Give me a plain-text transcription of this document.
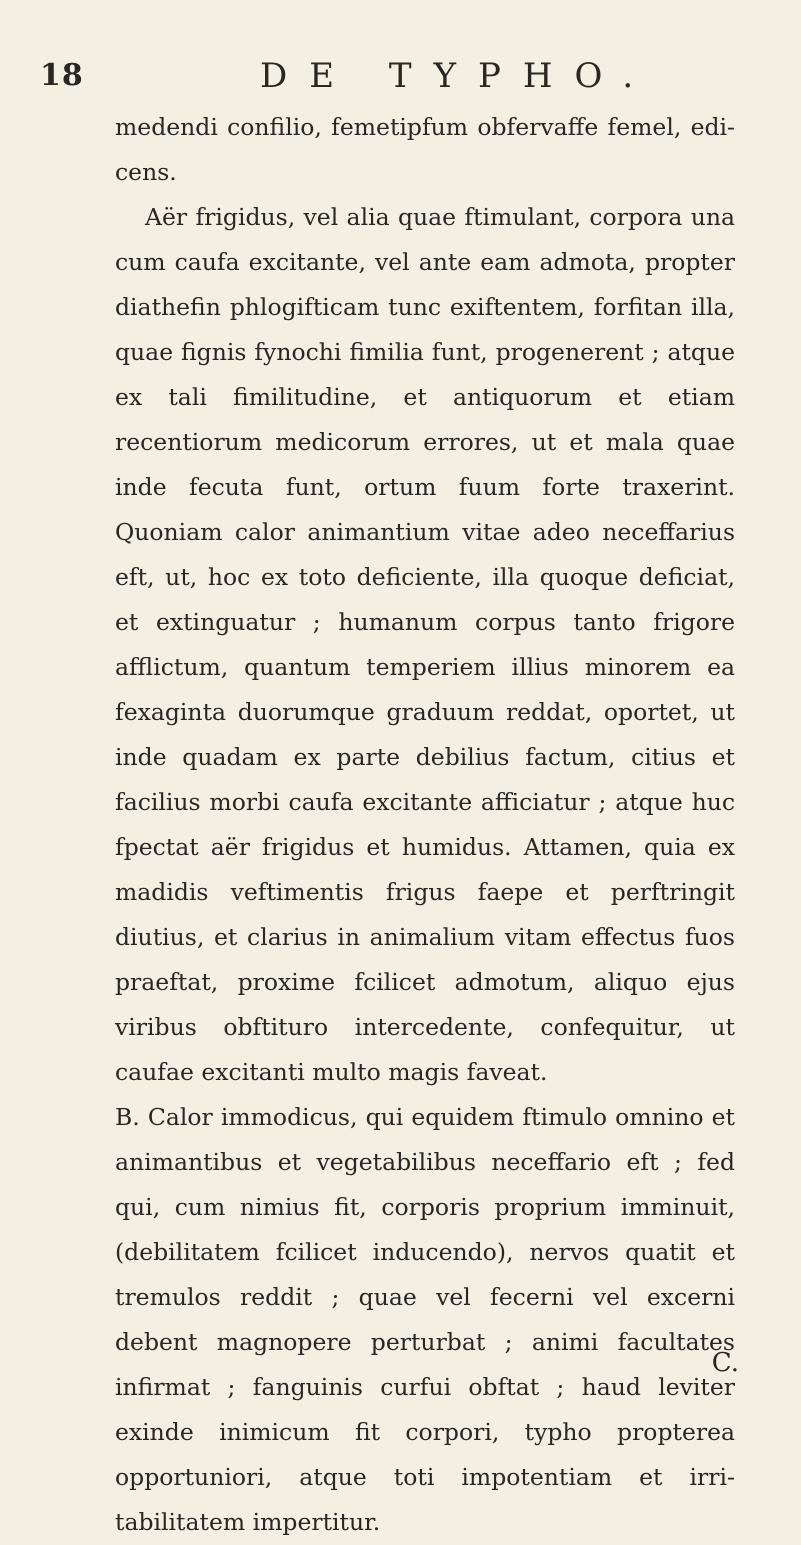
18	DE TYPHO.

medendi confilio, femetipfum obfervaffe femel, edicens.

Aër frigidus, vel alia quae ftimulant, corpora una cum caufa excitante, vel ante eam admota, propter diathefin phlogifticam tunc exiftentem, forfitan illa, quae fignis fynochi fimilia funt, progenerent ; atque ex tali fimilitudine, et antiquorum et etiam recentiorum medicorum errores, ut et mala quae inde fecuta funt, ortum fuum forte traxerint. Quoniam calor animantium vitae adeo neceffarius eft, ut, hoc ex toto deficiente, illa quoque deficiat, et extinguatur ; humanum corpus tanto frigore afflictum, quantum temperiem illius minorem ea fexaginta duorumque graduum reddat, oportet, ut inde quadam ex parte debilius factum, citius et facilius morbi caufa excitante afficiatur ; atque huc fpectat aër frigidus et humidus. Attamen, quia ex madidis veftimentis frigus faepe et perftringit diutius, et clarius in animalium vitam effectus fuos praeftat, proxime fcilicet admotum, aliquo ejus viribus obftituro intercedente, confequitur, ut caufae excitanti multo magis faveat.

B. Calor immodicus, qui equidem ftimulo omnino et animantibus et vegetabilibus neceffario eft ; fed qui, cum nimius fit, corporis proprium imminuit, (debilitatem fcilicet inducendo), nervos quatit et tremulos reddit ; quae vel fecerni vel excerni debent magnopere perturbat ; animi facultates infirmat ; fanguinis curfui obftat ; haud leviter exinde inimicum fit corpori, typho propterea opportuniori, atque toti impotentiam et irritabilitatem impertitur.

C.
